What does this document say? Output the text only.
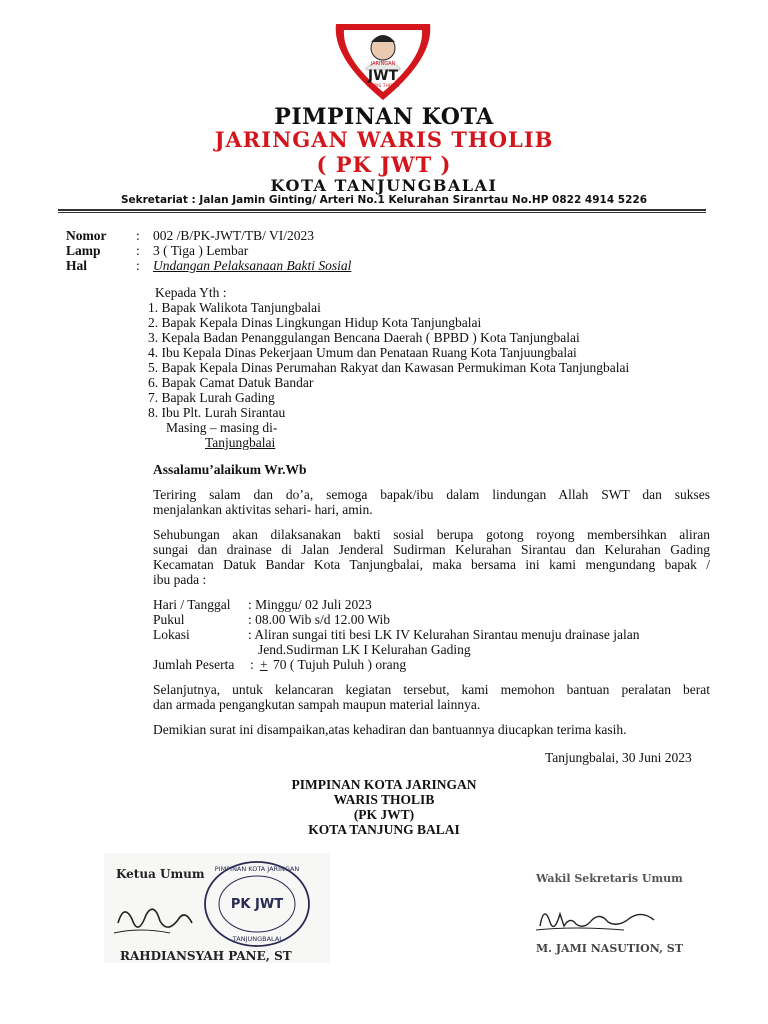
JARINGAN
JWT
WARIS THOLIB
PIMPINAN KOTA
JARINGAN WARIS THOLIB
( PK JWT )
KOTA TANJUNGBALAI
Sekretariat : Jalan Jamin Ginting/ Arteri No.1 Kelurahan Siranrtau No.HP 0822 4914 5226
Nomor : 002 /B/PK-JWT/TB/ VI/2023
Lamp	: 3 ( Tiga ) Lembar
Hal	: Undangan Pelaksanaan Bakti Sosial
Kepada Yth :
1. Bapak Walikota Tanjungbalai
2. Bapak Kepala Dinas Lingkungan Hidup Kota Tanjungbalai
3. Kepala Badan Penanggulangan Bencana Daerah ( BPBD ) Kota Tanjungbalai
4. Ibu Kepala Dinas Pekerjaan Umum dan Penataan Ruang Kota Tanjuungbalai
5. Bapak Kepala Dinas Perumahan Rakyat dan Kawasan Permukiman Kota Tanjungbalai
6. Bapak Camat Datuk Bandar
7. Bapak Lurah Gading
8. Ibu Plt. Lurah Sirantau
Masing – masing di-
Tanjungbalai
Assalamu’alaikum Wr.Wb
Teriring salam dan do’a, semoga bapak/ibu dalam lindungan Allah SWT dan sukses
menjalankan aktivitas sehari- hari, amin.
Sehubungan akan dilaksanakan bakti sosial berupa gotong royong membersihkan aliran
sungai dan drainase di Jalan Jenderal Sudirman Kelurahan Sirantau dan Kelurahan Gading
Kecamatan Datuk Bandar Kota Tanjungbalai, maka bersama ini kami mengundang bapak /
ibu pada :
Hari / Tanggal : Minggu/ 02 Juli 2023
Pukul	: 08.00 Wib s/d 12.00 Wib
Lokasi	: Aliran sungai titi besi LK IV Kelurahan Sirantau menuju drainase jalan
Jend.Sudirman LK I Kelurahan Gading
Jumlah Peserta : + 70 ( Tujuh Puluh ) orang
Selanjutnya, untuk kelancaran kegiatan tersebut, kami memohon bantuan peralatan berat
dan armada pengangkutan sampah maupun material lainnya.
Demikian surat ini disampaikan,atas kehadiran dan bantuannya diucapkan terima kasih.
Tanjungbalai, 30 Juni 2023
PIMPINAN KOTA JARINGAN
WARIS THOLIB
(PK JWT)
KOTA TANJUNG BALAI
Ketua Umum PIMPINAN KOTA JARINGAN
PK JWT
TANJUNGBALAI
RAHDIANSYAH PANE, ST
Wakil Sekretaris Umum
M. JAMI NASUTION, ST
